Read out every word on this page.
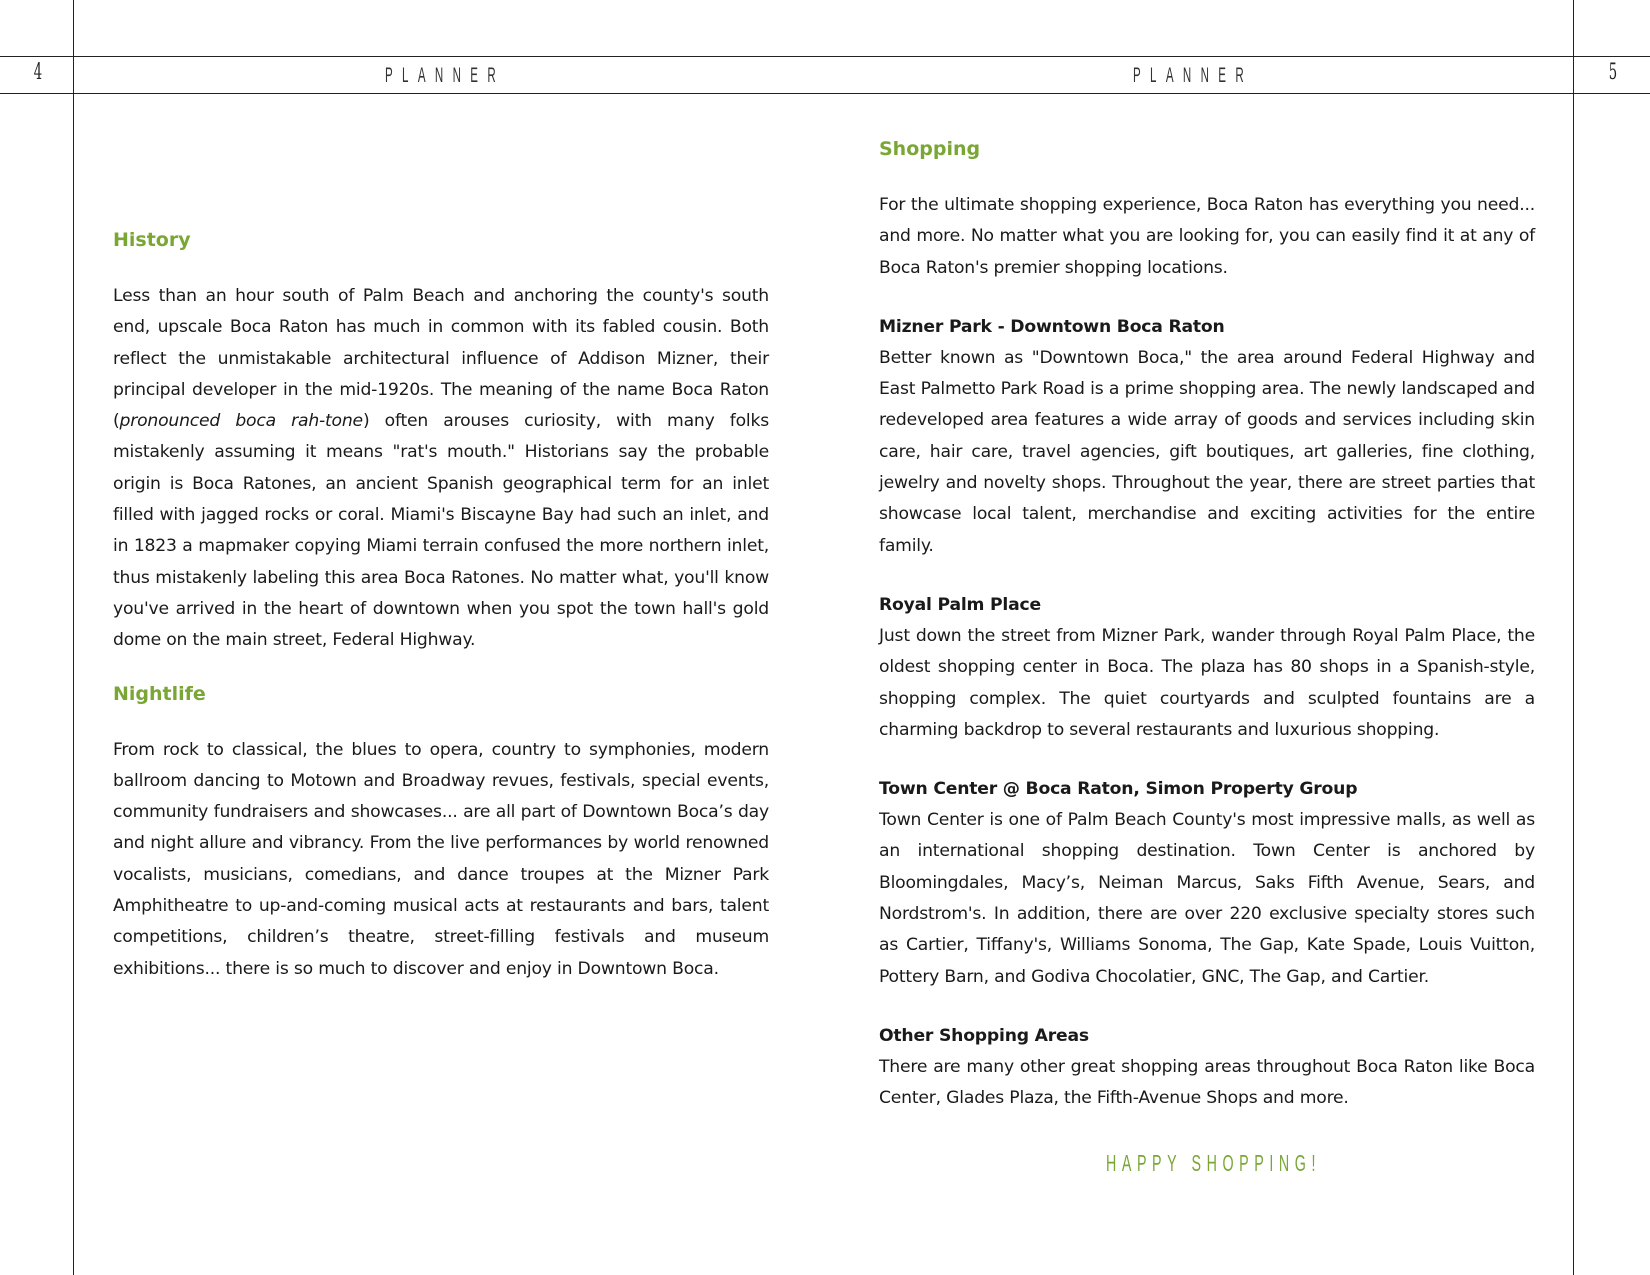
4	PLANNER	PLANNER	5
History

Less than an hour south of Palm Beach and anchoring the county's south end, upscale Boca Raton has much in common with its fabled cousin. Both reflect the unmistakable architectural influence of Addison Mizner, their principal developer in the mid-1920s. The meaning of the name Boca Raton (pronounced boca rah-tone) often arouses curiosity, with many folks mistakenly assuming it means "rat's mouth." Historians say the probable origin is Boca Ratones, an ancient Spanish geographical term for an inlet filled with jagged rocks or coral. Miami's Biscayne Bay had such an inlet, and in 1823 a mapmaker copying Miami terrain confused the more northern inlet, thus mistakenly labeling this area Boca Ratones. No matter what, you'll know you've arrived in the heart of downtown when you spot the town hall's gold dome on the main street, Federal Highway.

Nightlife

From rock to classical, the blues to opera, country to symphonies, modern ballroom dancing to Motown and Broadway revues, festivals, special events, community fundraisers and showcases... are all part of Downtown Boca’s day and night allure and vibrancy. From the live performances by world renowned vocalists, musicians, comedians, and dance troupes at the Mizner Park Amphitheatre to up-and-coming musical acts at restaurants and bars, talent competitions, children’s theatre, street-filling festivals and museum exhibitions... there is so much to discover and enjoy in Downtown Boca.

Shopping

For the ultimate shopping experience, Boca Raton has everything you need... and more. No matter what you are looking for, you can easily find it at any of Boca Raton's premier shopping locations.

Mizner Park - Downtown Boca Raton

Better known as "Downtown Boca," the area around Federal Highway and East Palmetto Park Road is a prime shopping area. The newly landscaped and redeveloped area features a wide array of goods and services including skin care, hair care, travel agencies, gift boutiques, art galleries, fine clothing, jewelry and novelty shops. Throughout the year, there are street parties that showcase local talent, merchandise and exciting activities for the entire family.

Royal Palm Place

Just down the street from Mizner Park, wander through Royal Palm Place, the oldest shopping center in Boca. The plaza has 80 shops in a Spanish-style, shopping complex. The quiet courtyards and sculpted fountains are a charming backdrop to several restaurants and luxurious shopping.

Town Center @ Boca Raton, Simon Property Group

Town Center is one of Palm Beach County's most impressive malls, as well as an international shopping destination. Town Center is anchored by Bloomingdales, Macy’s, Neiman Marcus, Saks Fifth Avenue, Sears, and Nordstrom's. In addition, there are over 220 exclusive specialty stores such as Cartier, Tiffany's, Williams Sonoma, The Gap, Kate Spade, Louis Vuitton, Pottery Barn, and Godiva Chocolatier, GNC, The Gap, and Cartier.

Other Shopping Areas

There are many other great shopping areas throughout Boca Raton like Boca Center, Glades Plaza, the Fifth-Avenue Shops and more.

HAPPY SHOPPING!
